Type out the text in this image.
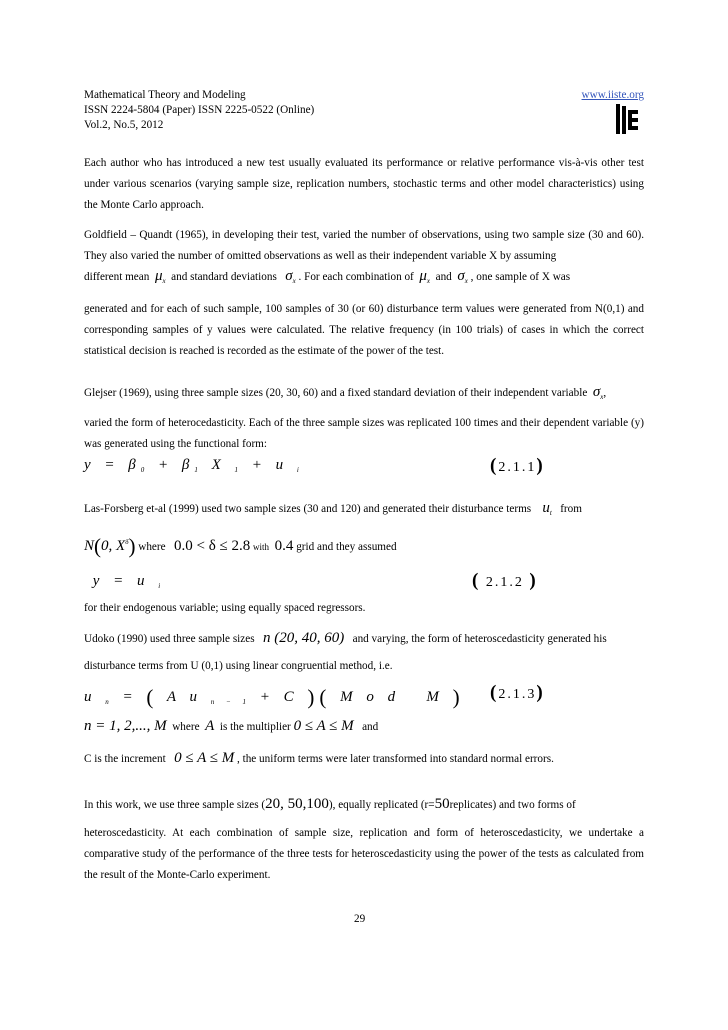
Mathematical Theory and Modeling	www.iiste.org
ISSN 2224-5804 (Paper) ISSN 2225-0522 (Online)
Vol.2, No.5, 2012
IISTE
Each author who has introduced a new test usually evaluated its performance or relative performance vis-à-vis other test under various scenarios (varying sample size, replication numbers, stochastic terms and other model characteristics) using the Monte Carlo approach.
Goldfield – Quandt (1965), in developing their test, varied the number of observations, using two sample size (30 and 60). They also varied the number of omitted observations as well as their independent variable X by assuming
different mean $\mu_x$ and standard deviations $\sigma_x$ . For each combination of $\mu_x$ and $\sigma_x$ , one sample of X was
generated and for each of such sample, 100 samples of 30 (or 60) disturbance term values were generated from N(0,1) and corresponding samples of y values were calculated. The relative frequency (in 100 trials) of cases in which the correct statistical decision is reached is recorded as the estimate of the power of the test.
Glejser (1969), using three sample sizes (20, 30, 60) and a fixed standard deviation of their independent variable $\sigma_x$,
varied the form of heterocedasticity. Each of the three sample sizes was replicated 100 times and their dependent variable (y) was generated using the functional form:
$y = \beta_0 + \beta_1$ X $_1$ + u $_i$	(2.1.1)
Las-Forsberg et-al (1999) used two sample sizes (30 and 120) and generated their disturbance terms $u_t$ from
N(0, $X^\delta$) where 0.0 < δ ≤ 2.8 with 0.4 grid and they assumed
y = u $_i$	( 2.1.2 )
for their endogenous variable; using equally spaced regressors.
Udoko (1990) used three sample sizes n (20, 40, 60) and varying, the form of heteroscedasticity generated his
disturbance terms from U (0,1) using linear congruential method, i.e.
u $_n$ = ( A u $_{n - 1}$ + C )( M o d   M )	(2.1.3)
n = 1, 2,..., M where A is the multiplier 0 ≤ A ≤ M and
C is the increment 0 ≤ A ≤ M , the uniform terms were later transformed into standard normal errors.
In this work, we use three sample sizes (20, 50,100), equally replicated (r=50replicates) and two forms of
heteroscedasticity. At each combination of sample size, replication and form of heteroscedasticity, we undertake a comparative study of the performance of the three tests for heteroscedasticity using the power of the tests as calculated from the result of the Monte-Carlo experiment.
29
